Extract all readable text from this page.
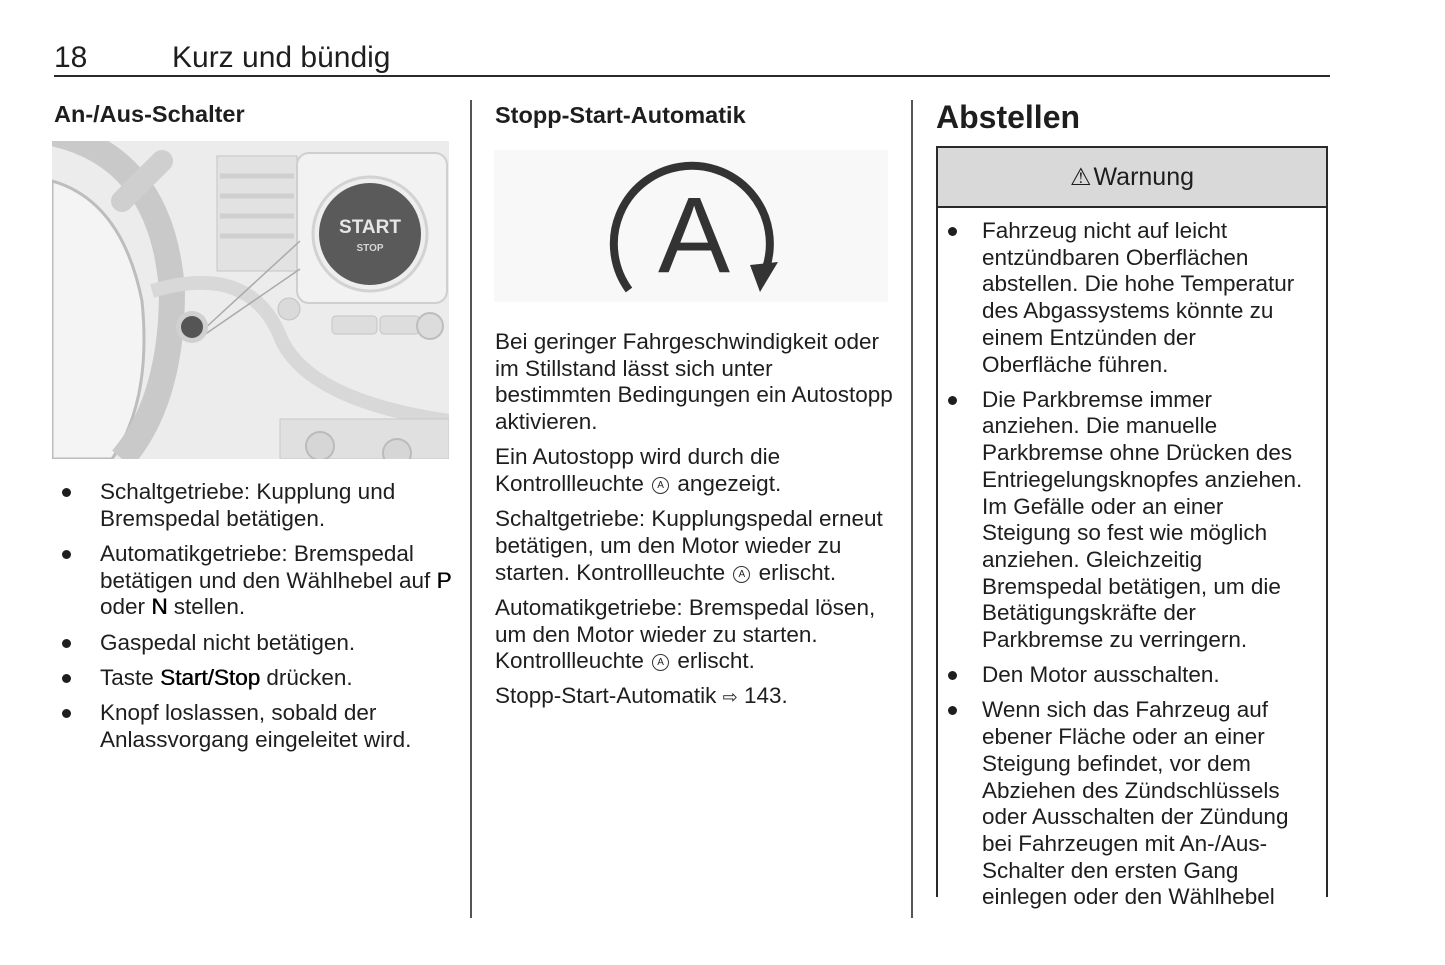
18	Kurz und bündig
An-/Aus-Schalter
START
STOP
Schaltgetriebe: Kupplung und Bremspedal betätigen.
Automatikgetriebe: Bremspedal betätigen und den Wählhebel auf P oder N stellen.
Gaspedal nicht betätigen.
Taste Start/Stop drücken.
Knopf loslassen, sobald der Anlassvorgang eingeleitet wird.
Stopp-Start-Automatik
A

Bei geringer Fahrgeschwindigkeit oder im Stillstand lässt sich unter bestimmten Bedingungen ein Autostopp aktivieren.

Ein Autostopp wird durch die Kontrollleuchte A angezeigt.

Schaltgetriebe: Kupplungspedal erneut betätigen, um den Motor wieder zu starten. Kontrollleuchte A erlischt.

Automatikgetriebe: Bremspedal lösen, um den Motor wieder zu starten. Kontrollleuchte A erlischt.

Stopp-Start-Automatik ⇨ 143.

Abstellen
⚠ Warnung
Fahrzeug nicht auf leicht entzündbaren Oberflächen abstellen. Die hohe Temperatur des Abgassystems könnte zu einem Entzünden der Oberfläche führen.
Die Parkbremse immer anziehen. Die manuelle Parkbremse ohne Drücken des Entriegelungsknopfes anziehen. Im Gefälle oder an einer Steigung so fest wie möglich anziehen. Gleichzeitig Bremspedal betätigen, um die Betätigungskräfte der Parkbremse zu verringern.
Den Motor ausschalten.
Wenn sich das Fahrzeug auf ebener Fläche oder an einer Steigung befindet, vor dem Abziehen des Zündschlüssels oder Ausschalten der Zündung bei Fahrzeugen mit An-/Aus-Schalter den ersten Gang einlegen oder den Wählhebel
